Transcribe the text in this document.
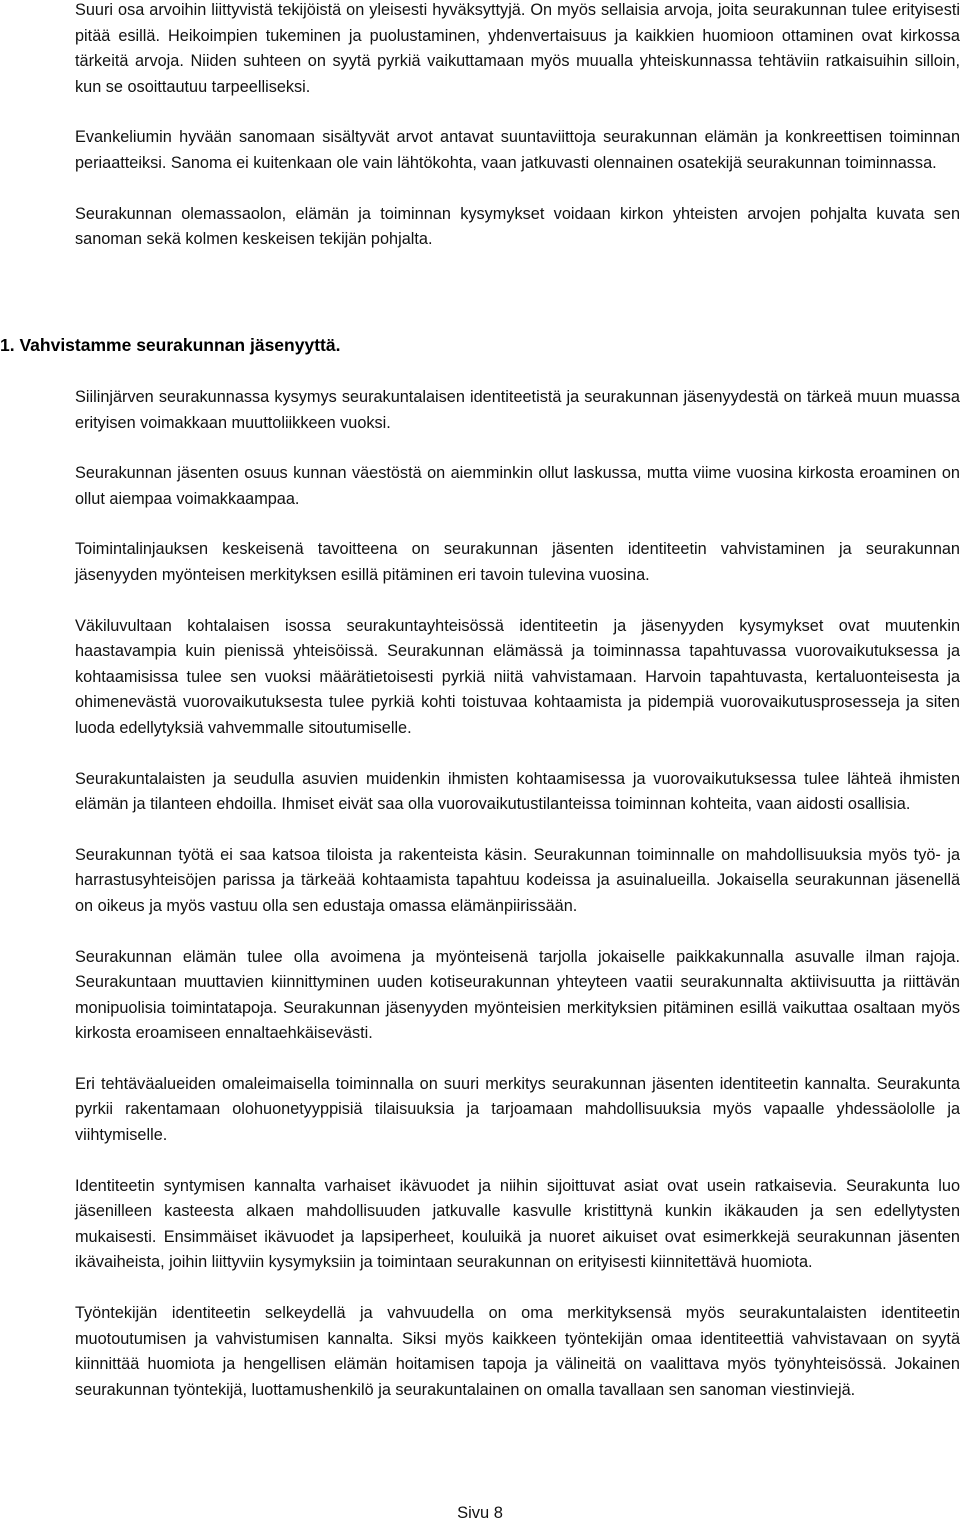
Suuri osa arvoihin liittyvistä tekijöistä on yleisesti hyväksyttyjä. On myös sellaisia arvoja, joita seurakunnan tulee erityisesti pitää esillä. Heikoimpien tukeminen ja puolustaminen, yhdenvertaisuus ja kaikkien huomioon ottaminen ovat kirkossa tärkeitä arvoja. Niiden suhteen on syytä pyrkiä vaikuttamaan myös muualla yhteiskunnassa tehtäviin ratkaisuihin silloin, kun se osoittautuu tarpeelliseksi.

Evankeliumin hyvään sanomaan sisältyvät arvot antavat suuntaviittoja seurakunnan elämän ja konkreettisen toiminnan periaatteiksi. Sanoma ei kuitenkaan ole vain lähtökohta, vaan jatkuvasti olennainen osatekijä seurakunnan toiminnassa.

Seurakunnan olemassaolon, elämän ja toiminnan kysymykset voidaan kirkon yhteisten arvojen pohjalta kuvata sen sanoman sekä kolmen keskeisen tekijän pohjalta.

1. Vahvistamme seurakunnan jäsenyyttä.

Siilinjärven seurakunnassa kysymys seurakuntalaisen identiteetistä ja seurakunnan jäsenyydestä on tärkeä muun muassa erityisen voimakkaan muuttoliikkeen vuoksi.

Seurakunnan jäsenten osuus kunnan väestöstä on aiemminkin ollut laskussa, mutta viime vuosina kirkosta eroaminen on ollut aiempaa voimakkaampaa.

Toimintalinjauksen keskeisenä tavoitteena on seurakunnan jäsenten identiteetin vahvistaminen ja seurakunnan jäsenyyden myönteisen merkityksen esillä pitäminen eri tavoin tulevina vuosina.

Väkiluvultaan kohtalaisen isossa seurakuntayhteisössä identiteetin ja jäsenyyden kysymykset ovat muutenkin haastavampia kuin pienissä yhteisöissä. Seurakunnan elämässä ja toiminnassa tapahtuvassa vuorovaikutuksessa ja kohtaamisissa tulee sen vuoksi määrätietoisesti pyrkiä niitä vahvistamaan. Harvoin tapahtuvasta, kertaluonteisesta ja ohimenevästä vuorovaikutuksesta tulee pyrkiä kohti toistuvaa kohtaamista ja pidempiä vuorovaikutusprosesseja ja siten luoda edellytyksiä vahvemmalle sitoutumiselle.

Seurakuntalaisten ja seudulla asuvien muidenkin ihmisten kohtaamisessa ja vuorovaikutuksessa tulee lähteä ihmisten elämän ja tilanteen ehdoilla. Ihmiset eivät saa olla vuorovaikutustilanteissa toiminnan kohteita, vaan aidosti osallisia.

Seurakunnan työtä ei saa katsoa tiloista ja rakenteista käsin. Seurakunnan toiminnalle on mahdollisuuksia myös työ- ja harrastusyhteisöjen parissa ja tärkeää kohtaamista tapahtuu kodeissa ja asuinalueilla. Jokaisella seurakunnan jäsenellä on oikeus ja myös vastuu olla sen edustaja omassa elämänpiirissään.

Seurakunnan elämän tulee olla avoimena ja myönteisenä tarjolla jokaiselle paikkakunnalla asuvalle ilman rajoja. Seurakuntaan muuttavien kiinnittyminen uuden kotiseurakunnan yhteyteen vaatii seurakunnalta aktiivisuutta ja riittävän monipuolisia toimintatapoja. Seurakunnan jäsenyyden myönteisien merkityksien pitäminen esillä vaikuttaa osaltaan myös kirkosta eroamiseen ennaltaehkäisevästi.

Eri tehtäväalueiden omaleimaisella toiminnalla on suuri merkitys seurakunnan jäsenten identiteetin kannalta. Seurakunta pyrkii rakentamaan olohuonetyyppisiä tilaisuuksia ja tarjoamaan mahdollisuuksia myös vapaalle yhdessäololle ja viihtymiselle.

Identiteetin syntymisen kannalta varhaiset ikävuodet ja niihin sijoittuvat asiat ovat usein ratkaisevia. Seurakunta luo jäsenilleen kasteesta alkaen mahdollisuuden jatkuvalle kasvulle kristittynä kunkin ikäkauden ja sen edellytysten mukaisesti. Ensimmäiset ikävuodet ja lapsiperheet, kouluikä ja nuoret aikuiset ovat esimerkkejä seurakunnan jäsenten ikävaiheista, joihin liittyviin kysymyksiin ja toimintaan seurakunnan on erityisesti kiinnitettävä huomiota.

Työntekijän identiteetin selkeydellä ja vahvuudella on oma merkityksensä myös seurakuntalaisten identiteetin muotoutumisen ja vahvistumisen kannalta. Siksi myös kaikkeen työntekijän omaa identiteettiä vahvistavaan on syytä kiinnittää huomiota ja hengellisen elämän hoitamisen tapoja ja välineitä on vaalittava myös työnyhteisössä. Jokainen seurakunnan työntekijä, luottamushenkilö ja seurakuntalainen on omalla tavallaan sen sanoman viestinviejä.

Sivu 8
